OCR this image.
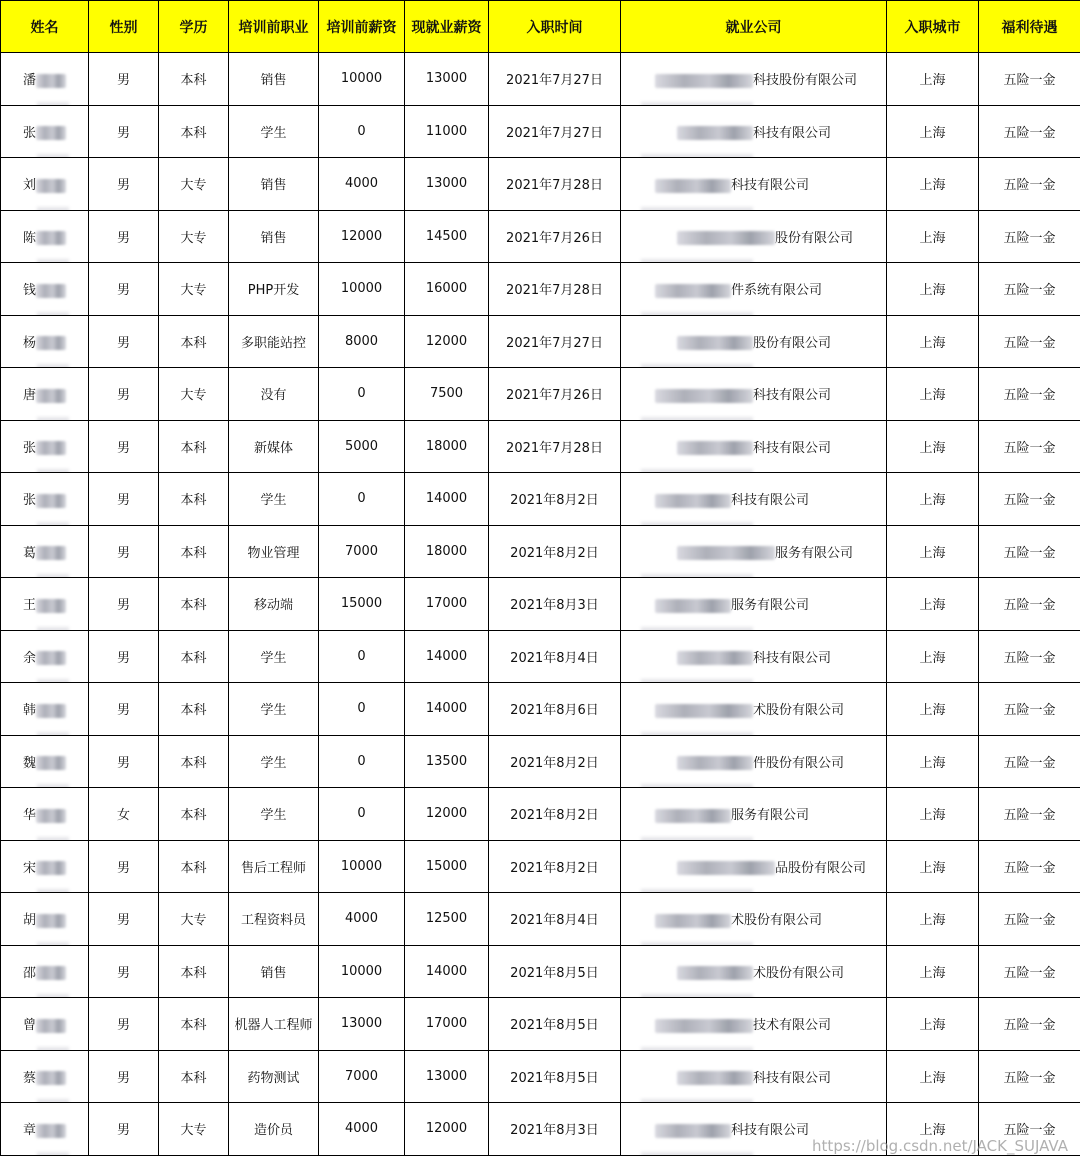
姓名	性别	学历	培训前职业	培训前薪资	现就业薪资	入职时间	就业公司	入职城市	福利待遇
潘	男	本科	销售	10000	13000	2021年7月27日	科技股份有限公司	上海	五险一金
张	男	本科	学生	0	11000	2021年7月27日	科技有限公司	上海	五险一金
刘	男	大专	销售	4000	13000	2021年7月28日	科技有限公司	上海	五险一金
陈	男	大专	销售	12000	14500	2021年7月26日	股份有限公司	上海	五险一金
钱	男	大专	PHP开发	10000	16000	2021年7月28日	件系统有限公司	上海	五险一金
杨	男	本科	多职能站控	8000	12000	2021年7月27日	股份有限公司	上海	五险一金
唐	男	大专	没有	0	7500	2021年7月26日	科技有限公司	上海	五险一金
张	男	本科	新媒体	5000	18000	2021年7月28日	科技有限公司	上海	五险一金
张	男	本科	学生	0	14000	2021年8月2日	科技有限公司	上海	五险一金
葛	男	本科	物业管理	7000	18000	2021年8月2日	服务有限公司	上海	五险一金
王	男	本科	移动端	15000	17000	2021年8月3日	服务有限公司	上海	五险一金
余	男	本科	学生	0	14000	2021年8月4日	科技有限公司	上海	五险一金
韩	男	本科	学生	0	14000	2021年8月6日	术股份有限公司	上海	五险一金
魏	男	本科	学生	0	13500	2021年8月2日	件股份有限公司	上海	五险一金
华	女	本科	学生	0	12000	2021年8月2日	服务有限公司	上海	五险一金
宋	男	本科	售后工程师	10000	15000	2021年8月2日	品股份有限公司	上海	五险一金
胡	男	大专	工程资料员	4000	12500	2021年8月4日	术股份有限公司	上海	五险一金
邵	男	本科	销售	10000	14000	2021年8月5日	术股份有限公司	上海	五险一金
曾	男	本科	机器人工程师	13000	17000	2021年8月5日	技术有限公司	上海	五险一金
蔡	男	本科	药物测试	7000	13000	2021年8月5日	科技有限公司	上海	五险一金
章	男	大专	造价员	4000	12000	2021年8月3日	科技有限公司	上海	五险一金
https://blog.csdn.net/JACK_SUJAVA
